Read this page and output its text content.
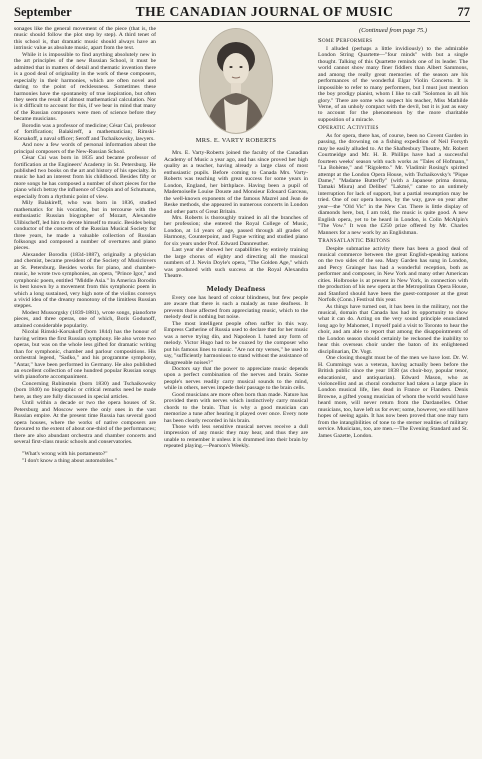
September	THE CANADIAN JOURNAL OF MUSIC	77

sonages like the general movement of the piece (that is, the music should follow the plot step by step). A third tenet of this school is, that dramatic music should always have an intrinsic value as absolute music, apart from the text.

While it is impossible to find anything absolutely new in the art principles of the new Russian School, it must be admitted that in matters of detail and thematic invention there is a good deal of originality in the work of these composers, especially in their harmonies, which are often novel and daring to the point of recklessness. Sometimes these harmonies have the spontaneity of true inspiration, but often they seem the result of almost mathematical calculation. Nor is it difficult to account for this, if we bear in mind that many of the Russian composers were men of science before they became musicians.

Borodin was a professor of medicine; César Cui, professor of fortification; Balakireff, a mathematician; Rimski-Korsakoff, a naval officer; Seroff and Tschaikowsky, lawyers.

And now a few words of personal information about the principal composers of the New-Russian School.

César Cui was born in 1835 and became professor of fortification at the Engineers' Academy in St. Petersburg. He published two books on the art and history of his specialty. In music he had an interest from his childhood. Besides fifty or more songs he has composed a number of short pieces for the piano which betray the influence of Chopin and of Schumann, especially from a rhythmic point of view.

Mily Balakireff, who was born in 1836, studied mathematics for his vocation, but in tercourse with the enthusiastic Russian biographer of Mozart, Alexandre Ulibischeff, led him to devote himself to music. Besides being conductor of the concerts of the Russian Musical Society for three years, he made a valuable collection of Russian folksongs and composed a number of overtures and piano pieces.

Alexander Borodin (1834-1887), originally a physician and chemist, became president of the Society of Musiclovers at St. Petersburg. Besides works for piano, and chamber-music, he wrote two symphonies, an opera, "Prince Igor," and symphonic poem, entitled "Middle Asia." In America Borodin is best known by a movement from this symphonic poem in which a long sustained, very high note of the violins conveys a vivid idea of the dreamy monotony of the limitless Russian steppes.

Modest Mussorgsky (1839-1881), wrote songs, pianoforte pieces, and three operas, one of which, Boris Godunoff, attained considerable popularity.

Nicolai Rimski-Korsakoff (born 1844) has the honour of having written the first Russian symphony. He also wrote two operas, but was on the whole less gifted for dramatic writing than for symphonic, chamber and parlour compositions. His orchestral legend, "Sadko," and his programme symphony, "Antar," have been performed in Germany. He also published an excellent collection of one hundred popular Russian songs with pianoforte accompaniment.

Concerning Rubinstein (born 1830) and Tschaikowsky (born 1840) no biographic or critical remarks need be made here, as they are fully discussed in special articles.

Until within a decade or two the opera houses of St. Petersburg and Moscow were the only ones in the vast Russian empire. At the present time Russia has several good opera houses, where the works of native composers are favoured to the extent of about one-third of the performances; there are also abundant orchestra and chamber concerts and several first-class music schools and conservatories.

"What's wrong with his portamento?"

"I don't know a thing about automobiles."

MRS. E. VARTY ROBERTS

Mrs. E. Varty-Roberts joined the faculty of the Canadian Academy of Music a year ago, and has since proved her high quality as a teacher, having already a large class of most enthusiastic pupils. Before coming to Canada Mrs. Varty-Roberts was teaching with great success for some years in London, England, her birthplace. Having been a pupil of Mademoiselle Louise Douste and Monsieur Edouard Garceau, the well-known exponents of the famous Mazrel and Jean de Reske methods, she appeared in numerous concerts in London and other parts of Great Britain.

Mrs. Roberts is thoroughly trained in all the branches of her profession; she entered the Royal College of Music, London, at 14 years of age, passed through all grades of Harmony, Counterpoint, and Fugue writing and studied piano for six years under Prof. Edward Dannreuther.

Last year she showed her capabilities by entirely training the large chorus of eighty and directing all the musical numbers of J. Nevin Doyle's opera, "The Golden Age," which was produced with such success at the Royal Alexandra Theatre.

Melody Deafness

Every one has heard of colour blindness, but few people are aware that there is such a malady as tune deafness. It prevents those affected from appreciating music, which to the melody deaf is nothing but noise.

The most intelligent people often suffer in this way. Empress Catherine of Russia used to declare that for her music was a nerve trying din, and Napoleon I. hated any form of melody. Victor Hugo had to be coaxed by the composer who put his famous lines to music. "Are not my verses," he used to say, "sufficiently harmonious to stand without the assistance of disagreeable noises?"

Doctors say that the power to appreciate music depends upon a perfect combination of the nerves and brain. Some people's nerves readily carry musical sounds to the mind, while in others, nerves impede their passage to the brain cells.

Good musicians are more often born than made. Nature has provided them with nerves which instinctively carry musical chords to the brain. That is why a good musician can memorize a tune after hearing it played over once. Every note has been clearly recorded in his brain.

Those with less sensitive musical nerves receive a dull impression of any music they may hear, and thus they are unable to remember it unless it is drummed into their brain by repeated playing.—Pearson's Weekly.

(Continued from page 75.)
Some Performers

I alluded (perhaps a little invidiously) to the admirable London String Quartette—"four minds" with but a single thought. Talking of this Quartette reminds one of its leader. The world cannot show many finer fiddlers than Albert Sammons, and among the really great memories of the season are his performances of the wonderful Elgar Violin Concerto. It is impossible to refer to many performers, but I must just mention the boy prodigy pianist, whom I like to call "Solomon in all his glory." There are some who suspect his teacher, Miss Mathilde Verne, of an unholy compact with the devil, but it is just as easy to account for the phenomenon by the more charitable supposition of a miracle.

Operatic Activities

As for opera, there has, of course, been no Covent Garden in passing, the drowning on a fishing expedition of Neil Forsyth may be easily alluded to. At the Shaftesbury Theatre, Mr. Robert Courtneidge and Mr. H. B. Phillips have had a successful fourteen weeks' season with such works as "Tales of Hofmann," "La Bohème," and "Rigoletto." Mr. Vladimir Rosing's spirited attempt at the London Opera House, with Tschaikovsky's "Pique Dame," "Madame Butterfly" (with a Japanese prima donna, Tamaki Miura) and Delibes' "Lakmé," came to an untimely interruption for lack of support, but a partial resumption may be tried. One of our opera houses, by the way, gave on year after year—the "Old Vic" in the New Cut. There is little display of diamonds here, but, I am told, the music is quite good. A new English opera, yet to be heard in London, is Colin McAlpin's "The Vow." It won the £250 prize offered by Mr. Charles Manners for a new work by an Englishman.

Transatlantic Britons

Despite submarine activity there has been a good deal of musical commerce between the great English-speaking nations on the two sides of the sea. Mary Garden has sung in London, and Percy Grainger has had a wonderful reception, both as performer and composer, in New York and many other American cities. Holbrooke is at present in New York, in connection with the production of his new opera at the Metropolitan Opera House, and Stanford should have been the guest-composer at the great Norfolk (Conn.) Festival this year.

As things have turned out, it has been in the military, not the musical, domain that Canada has had its opportunity to show what it can do. Acting on the very sound principle enunciated long ago by Mahomet, I myself paid a visit to Toronto to hear the choir, and am able to report that among the disappointments of the London season should certainly be reckoned the inability to hear this overseas choir under the baton of its enlightened disciplinarian, Dr. Vogt.

One closing thought must be of the men we have lost. Dr. W. H. Cummings was a veteran, having actually been before the British public since the year 1838 (as choir-boy, popular tenor, educationist, and antiquarian). Edward Mason, who as violoncellist and as choral conductor had taken a large place in London musical life, lies dead in France or Flanders. Denis Browne, a gifted young musician of whom the world would have heard more, will never return from the Dardanelles. Other musicians, too, have left us for ever; some, however, we still have hopes of seeing again. It has now been proved that one may turn from the intangibilities of tone to the sterner realities of military service. Musicians, too, are men.—The Evening Standard and St. James Gazette, London.
